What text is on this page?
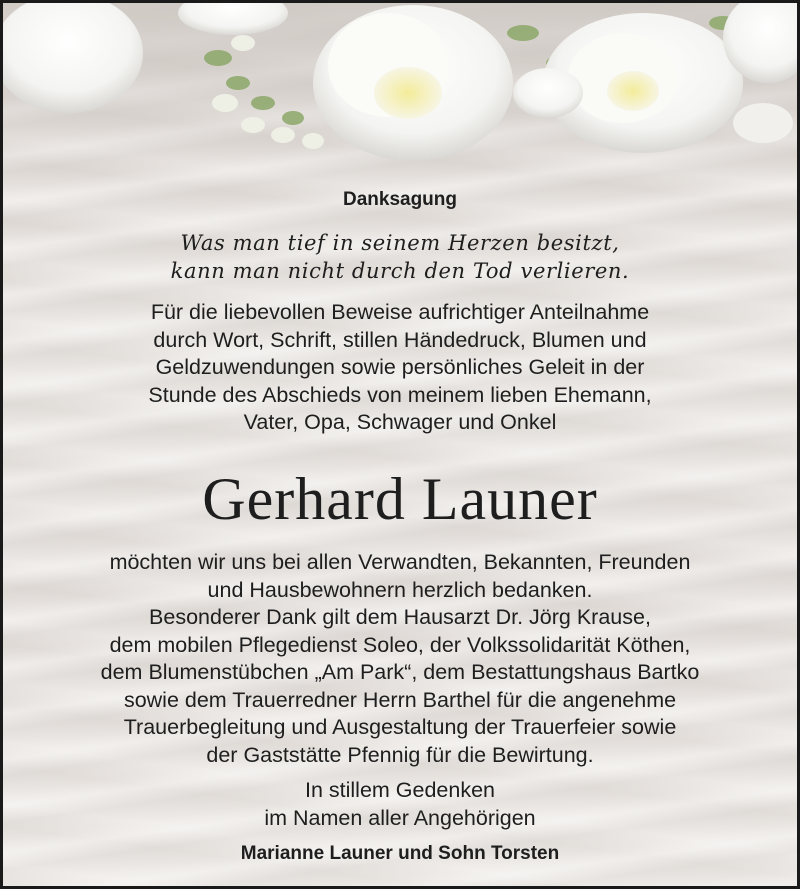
Danksagung
Was man tief in seinem Herzen besitzt,
kann man nicht durch den Tod verlieren.
Für die liebevollen Beweise aufrichtiger Anteilnahme
durch Wort, Schrift, stillen Händedruck, Blumen und
Geldzuwendungen sowie persönliches Geleit in der
Stunde des Abschieds von meinem lieben Ehemann,
Vater, Opa, Schwager und Onkel
Gerhard Launer
möchten wir uns bei allen Verwandten, Bekannten, Freunden
und Hausbewohnern herzlich bedanken.
Besonderer Dank gilt dem Hausarzt Dr. Jörg Krause,
dem mobilen Pflegedienst Soleo, der Volkssolidarität Köthen,
dem Blumenstübchen „Am Park“, dem Bestattungshaus Bartko
sowie dem Trauerredner Herrn Barthel für die angenehme
Trauerbegleitung und Ausgestaltung der Trauerfeier sowie
der Gaststätte Pfennig für die Bewirtung.
In stillem Gedenken
im Namen aller Angehörigen
Marianne Launer und Sohn Torsten
